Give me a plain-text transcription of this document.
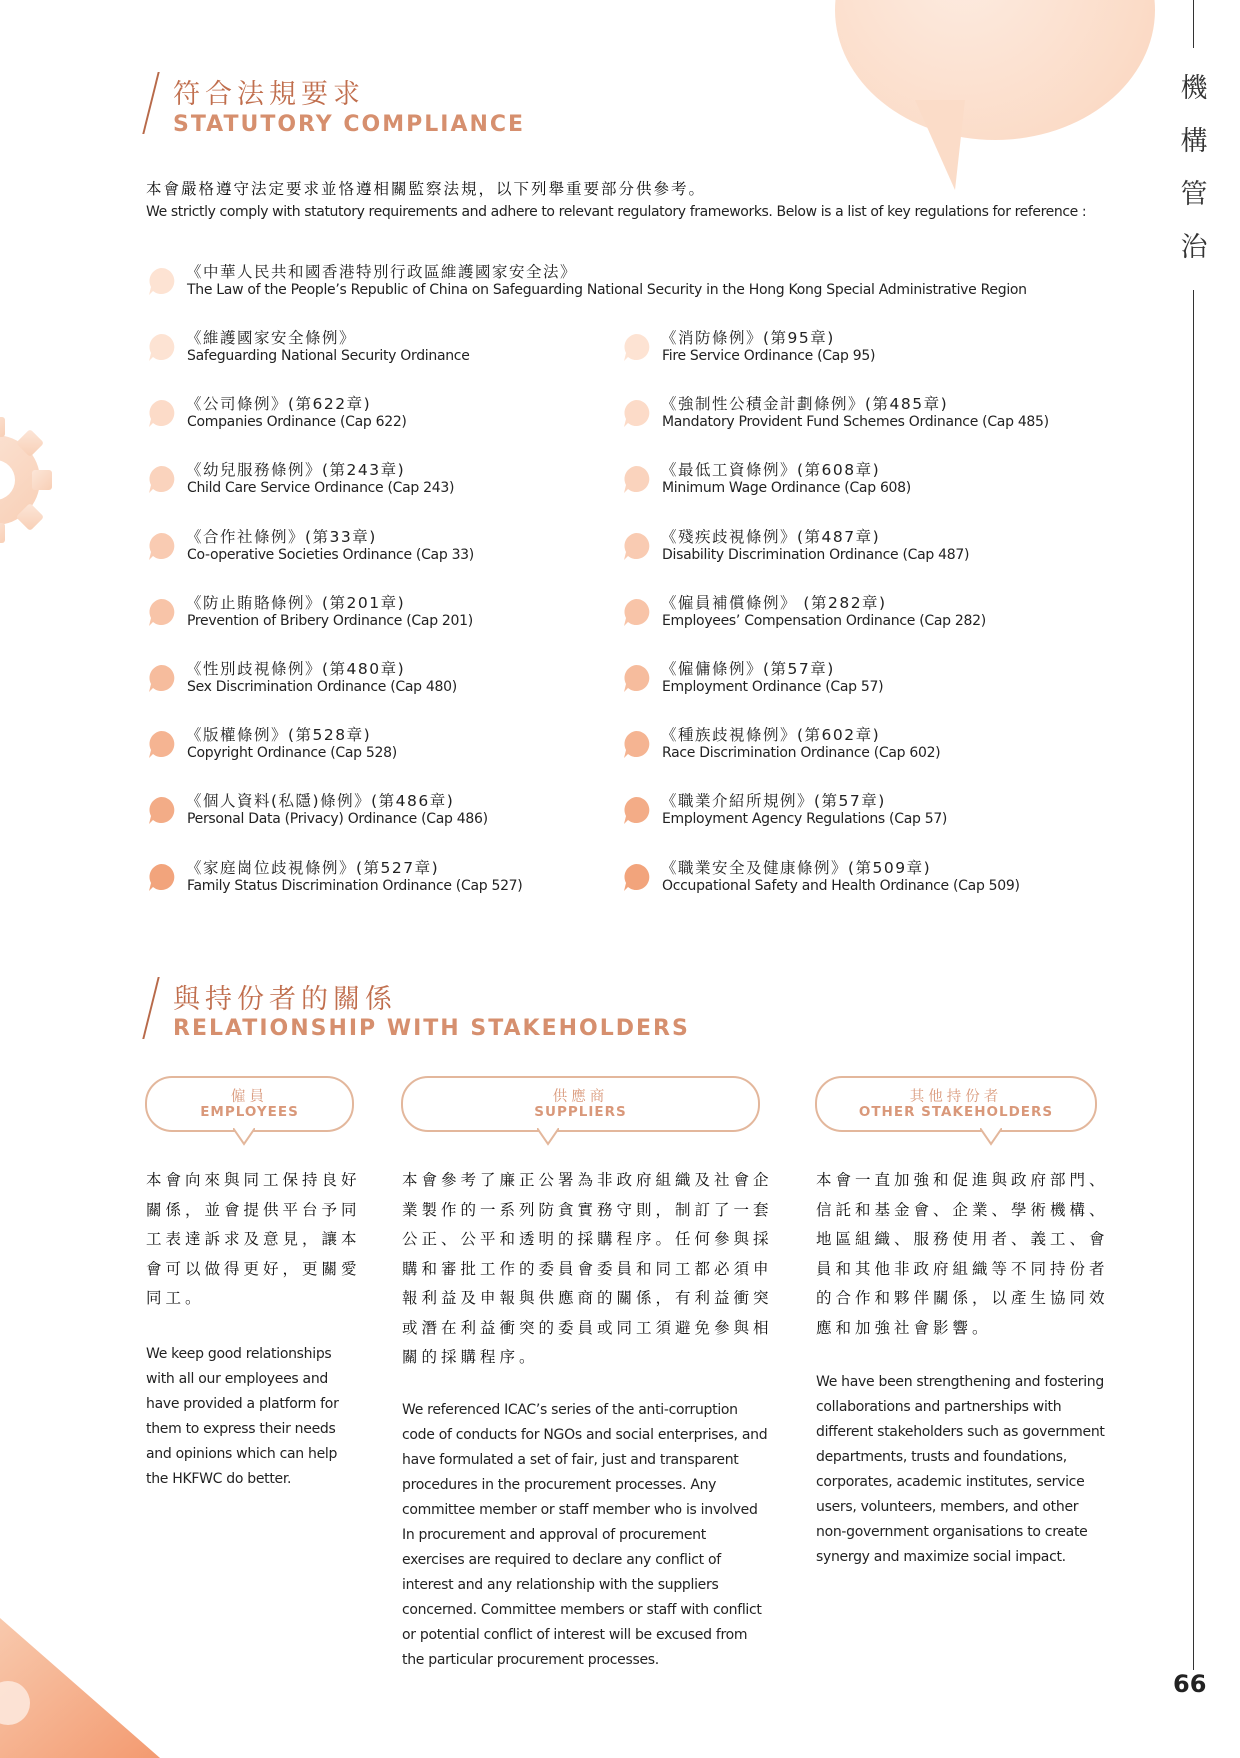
機
構
管
治
66
符合法規要求
STATUTORY COMPLIANCE
本會嚴格遵守法定要求並恪遵相關監察法規，以下列舉重要部分供參考。
We strictly comply with statutory requirements and adhere to relevant regulatory frameworks. Below is a list of key regulations for reference :
《中華人民共和國香港特別行政區維護國家安全法》
The Law of the People’s Republic of China on Safeguarding National Security in the Hong Kong Special Administrative Region
《維護國家安全條例》
Safeguarding National Security Ordinance
《公司條例》(第622章)
Companies Ordinance (Cap 622)
《幼兒服務條例》(第243章)
Child Care Service Ordinance (Cap 243)
《合作社條例》(第33章)
Co-operative Societies Ordinance (Cap 33)
《防止賄賂條例》(第201章)
Prevention of Bribery Ordinance (Cap 201)
《性別歧視條例》(第480章)
Sex Discrimination Ordinance (Cap 480)
《版權條例》(第528章)
Copyright Ordinance (Cap 528)
《個人資料(私隱)條例》(第486章)
Personal Data (Privacy) Ordinance (Cap 486)
《家庭崗位歧視條例》(第527章)
Family Status Discrimination Ordinance (Cap 527)
《消防條例》(第95章)
Fire Service Ordinance (Cap 95)
《強制性公積金計劃條例》(第485章)
Mandatory Provident Fund Schemes Ordinance (Cap 485)
《最低工資條例》(第608章)
Minimum Wage Ordinance (Cap 608)
《殘疾歧視條例》(第487章)
Disability Discrimination Ordinance (Cap 487)
《僱員補償條例》 (第282章)
Employees’ Compensation Ordinance (Cap 282)
《僱傭條例》(第57章)
Employment Ordinance (Cap 57)
《種族歧視條例》(第602章)
Race Discrimination Ordinance (Cap 602)
《職業介紹所規例》(第57章)
Employment Agency Regulations (Cap 57)
《職業安全及健康條例》(第509章)
Occupational Safety and Health Ordinance (Cap 509)
與持份者的關係
RELATIONSHIP WITH STAKEHOLDERS
僱員
EMPLOYEES
供應商
SUPPLIERS
其他持份者
OTHER STAKEHOLDERS
本會向來與同工保持良好
關係，並會提供平台予同
工表達訴求及意見，讓本
會可以做得更好，更關愛
同工。
We keep good relationships
with all our employees and
have provided a platform for
them to express their needs
and opinions which can help
the HKFWC do better.
本會參考了廉正公署為非政府組織及社會企
業製作的一系列防貪實務守則，制訂了一套
公正、公平和透明的採購程序。任何參與採
購和審批工作的委員會委員和同工都必須申
報利益及申報與供應商的關係，有利益衝突
或潛在利益衝突的委員或同工須避免參與相
關的採購程序。
We referenced ICAC’s series of the anti-corruption
code of conducts for NGOs and social enterprises, and
have formulated a set of fair, just and transparent
procedures in the procurement processes. Any
committee member or staff member who is involved
In procurement and approval of procurement
exercises are required to declare any conflict of
interest and any relationship with the suppliers
concerned. Committee members or staff with conflict
or potential conflict of interest will be excused from
the particular procurement processes.
本會一直加強和促進與政府部門、
信託和基金會、企業、學術機構、
地區組織、服務使用者、義工、會
員和其他非政府組織等不同持份者
的合作和夥伴關係，以產生協同效
應和加強社會影響。
We have been strengthening and fostering
collaborations and partnerships with
different stakeholders such as government
departments, trusts and foundations,
corporates, academic institutes, service
users, volunteers, members, and other
non-government organisations to create
synergy and maximize social impact.
